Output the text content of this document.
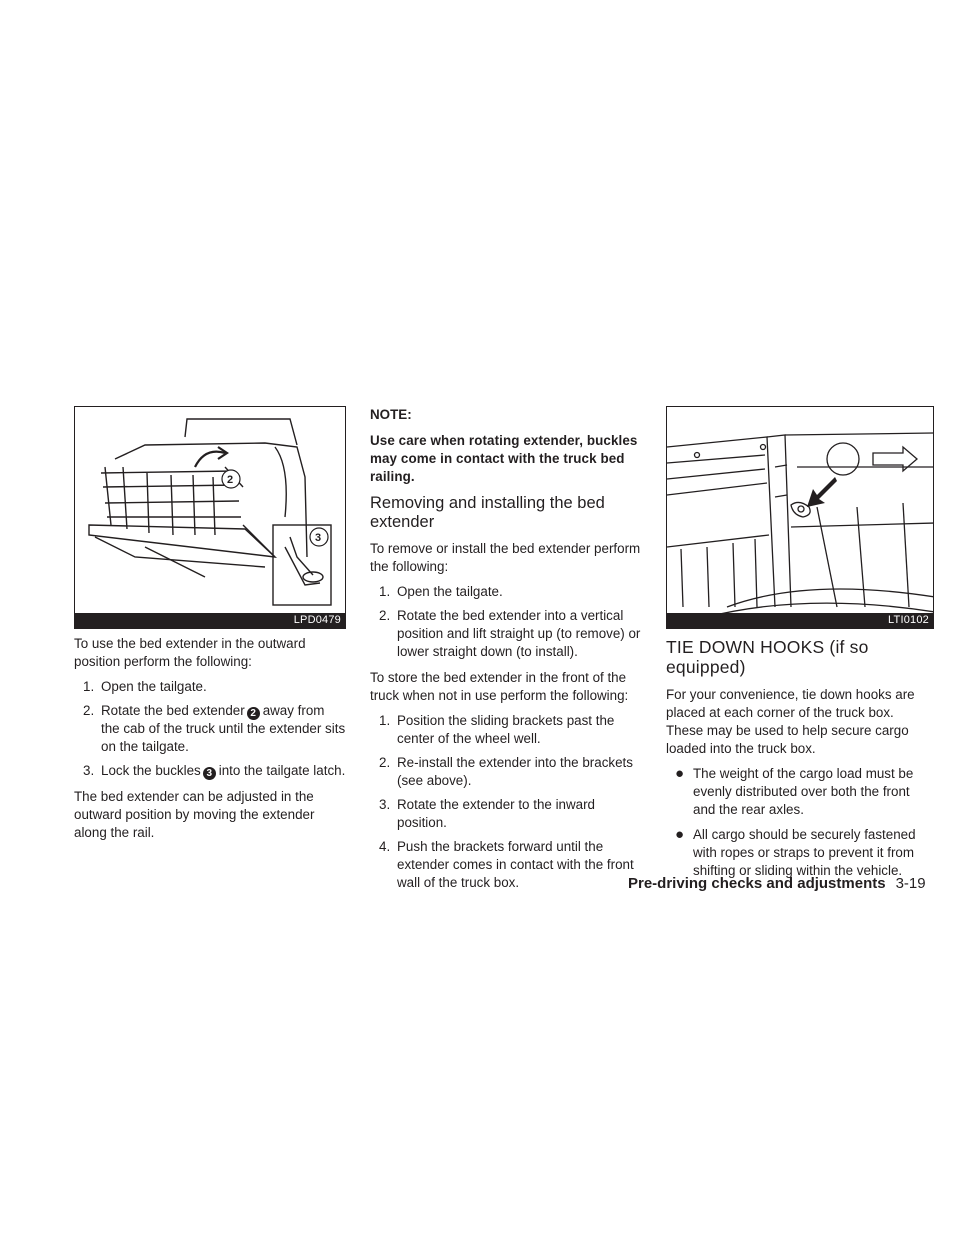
2
3
LPD0479

To use the bed extender in the outward position perform the following:

1. Open the tailgate.
2. Rotate the bed extender 2 away from the cab of the truck until the extender sits on the tailgate.
3. Lock the buckles 3 into the tailgate latch.

The bed extender can be adjusted in the outward position by moving the extender along the rail.

NOTE:
Use care when rotating extender, buckles may come in contact with the truck bed railing.
Removing and installing the bed extender

To remove or install the bed extender perform the following:

1. Open the tailgate.
2. Rotate the bed extender into a vertical position and lift straight up (to remove) or lower straight down (to install).

To store the bed extender in the front of the truck when not in use perform the following:

1. Position the sliding brackets past the center of the wheel well.
2. Re-install the extender into the brackets (see above).
3. Rotate the extender to the inward position.
4. Push the brackets forward until the extender comes in contact with the front wall of the truck box.
LTI0102
TIE DOWN HOOKS (if so equipped)

For your convenience, tie down hooks are placed at each corner of the truck box. These may be used to help secure cargo loaded into the truck box.

● The weight of the cargo load must be evenly distributed over both the front and the rear axles.
● All cargo should be securely fastened with ropes or straps to prevent it from shifting or sliding within the vehicle.
Pre-driving checks and adjustments 3-19
